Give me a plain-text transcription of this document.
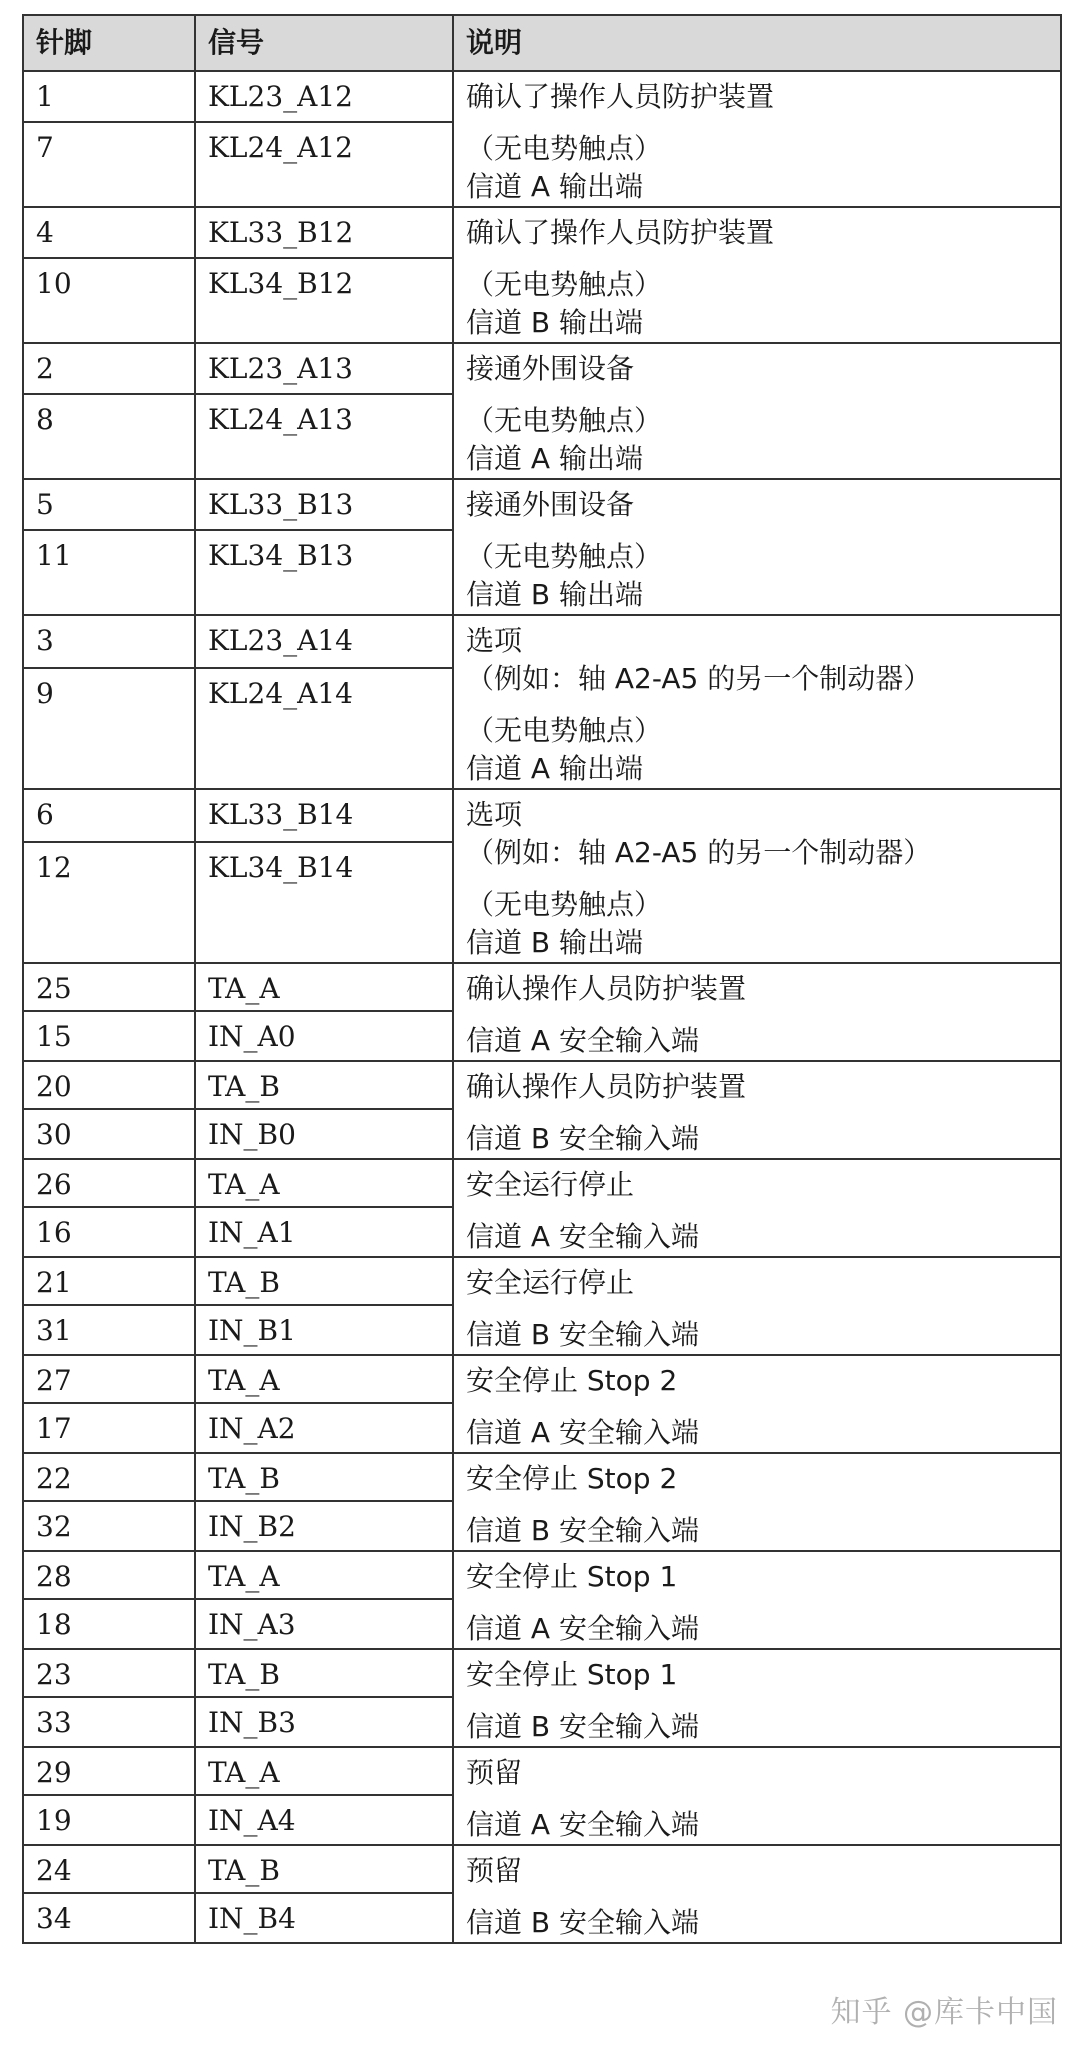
针脚	信号	说明
1	KL23_A12	确认了操作人员防护装置
（无电势触点）
信道 A 输出端

7	KL24_A12	
4	KL33_B12	确认了操作人员防护装置
（无电势触点）
信道 B 输出端

10	KL34_B12	
2	KL23_A13	接通外围设备
（无电势触点）
信道 A 输出端

8	KL24_A13	
5	KL33_B13	接通外围设备
（无电势触点）
信道 B 输出端

11	KL34_B13	
3	KL23_A14	选项
（例如：轴 A2-A5 的另一个制动器）
（无电势触点）
信道 A 输出端

9	KL24_A14	
6	KL33_B14	选项
（例如：轴 A2-A5 的另一个制动器）
（无电势触点）
信道 B 输出端

12	KL34_B14	
25	TA_A	确认操作人员防护装置
信道 A 安全输入端

15	IN_A0	
20	TA_B	确认操作人员防护装置
信道 B 安全输入端

30	IN_B0	
26	TA_A	安全运行停止
信道 A 安全输入端

16	IN_A1	
21	TA_B	安全运行停止
信道 B 安全输入端

31	IN_B1	
27	TA_A	安全停止 Stop 2
信道 A 安全输入端

17	IN_A2	
22	TA_B	安全停止 Stop 2
信道 B 安全输入端

32	IN_B2	
28	TA_A	安全停止 Stop 1
信道 A 安全输入端

18	IN_A3	
23	TA_B	安全停止 Stop 1
信道 B 安全输入端

33	IN_B3	
29	TA_A	预留
信道 A 安全输入端

19	IN_A4	
24	TA_B	预留
信道 B 安全输入端

34	IN_B4	
知乎 @库卡中国
